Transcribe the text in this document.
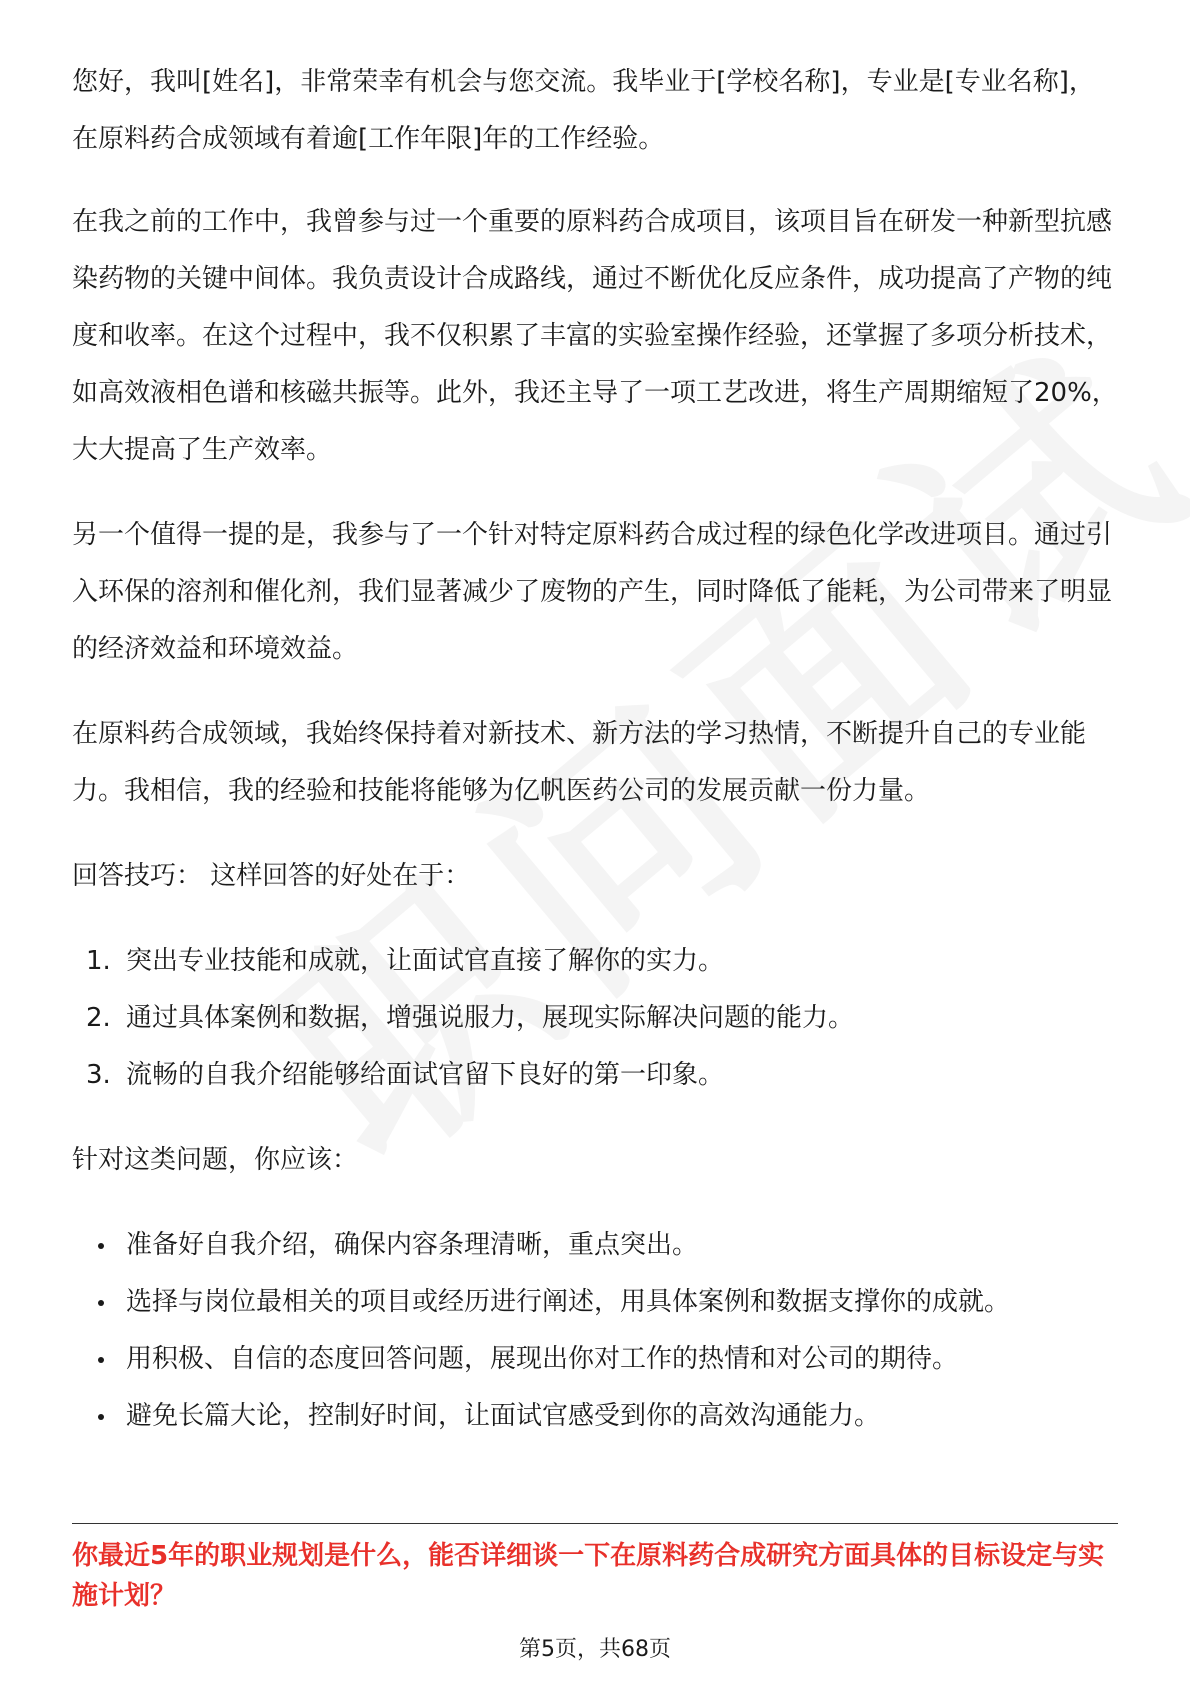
您好，我叫[姓名]，非常荣幸有机会与您交流。我毕业于[学校名称]，专业是[专业名称]，在原料药合成领域有着逾[工作年限]年的工作经验。

在我之前的工作中，我曾参与过一个重要的原料药合成项目，该项目旨在研发一种新型抗感染药物的关键中间体。我负责设计合成路线，通过不断优化反应条件，成功提高了产物的纯度和收率。在这个过程中，我不仅积累了丰富的实验室操作经验，还掌握了多项分析技术，如高效液相色谱和核磁共振等。此外，我还主导了一项工艺改进，将生产周期缩短了20%，大大提高了生产效率。

另一个值得一提的是，我参与了一个针对特定原料药合成过程的绿色化学改进项目。通过引入环保的溶剂和催化剂，我们显著减少了废物的产生，同时降低了能耗，为公司带来了明显的经济效益和环境效益。

在原料药合成领域，我始终保持着对新技术、新方法的学习热情，不断提升自己的专业能力。我相信，我的经验和技能将能够为亿帆医药公司的发展贡献一份力量。

回答技巧： 这样回答的好处在于：

1. 突出专业技能和成就，让面试官直接了解你的实力。
2. 通过具体案例和数据，增强说服力，展现实际解决问题的能力。
3. 流畅的自我介绍能够给面试官留下良好的第一印象。

针对这类问题，你应该：

准备好自我介绍，确保内容条理清晰，重点突出。
选择与岗位最相关的项目或经历进行阐述，用具体案例和数据支撑你的成就。
用积极、自信的态度回答问题，展现出你对工作的热情和对公司的期待。
避免长篇大论，控制好时间，让面试官感受到你的高效沟通能力。
你最近5年的职业规划是什么，能否详细谈一下在原料药合成研究方面具体的目标设定与实施计划？
第5页，共68页
